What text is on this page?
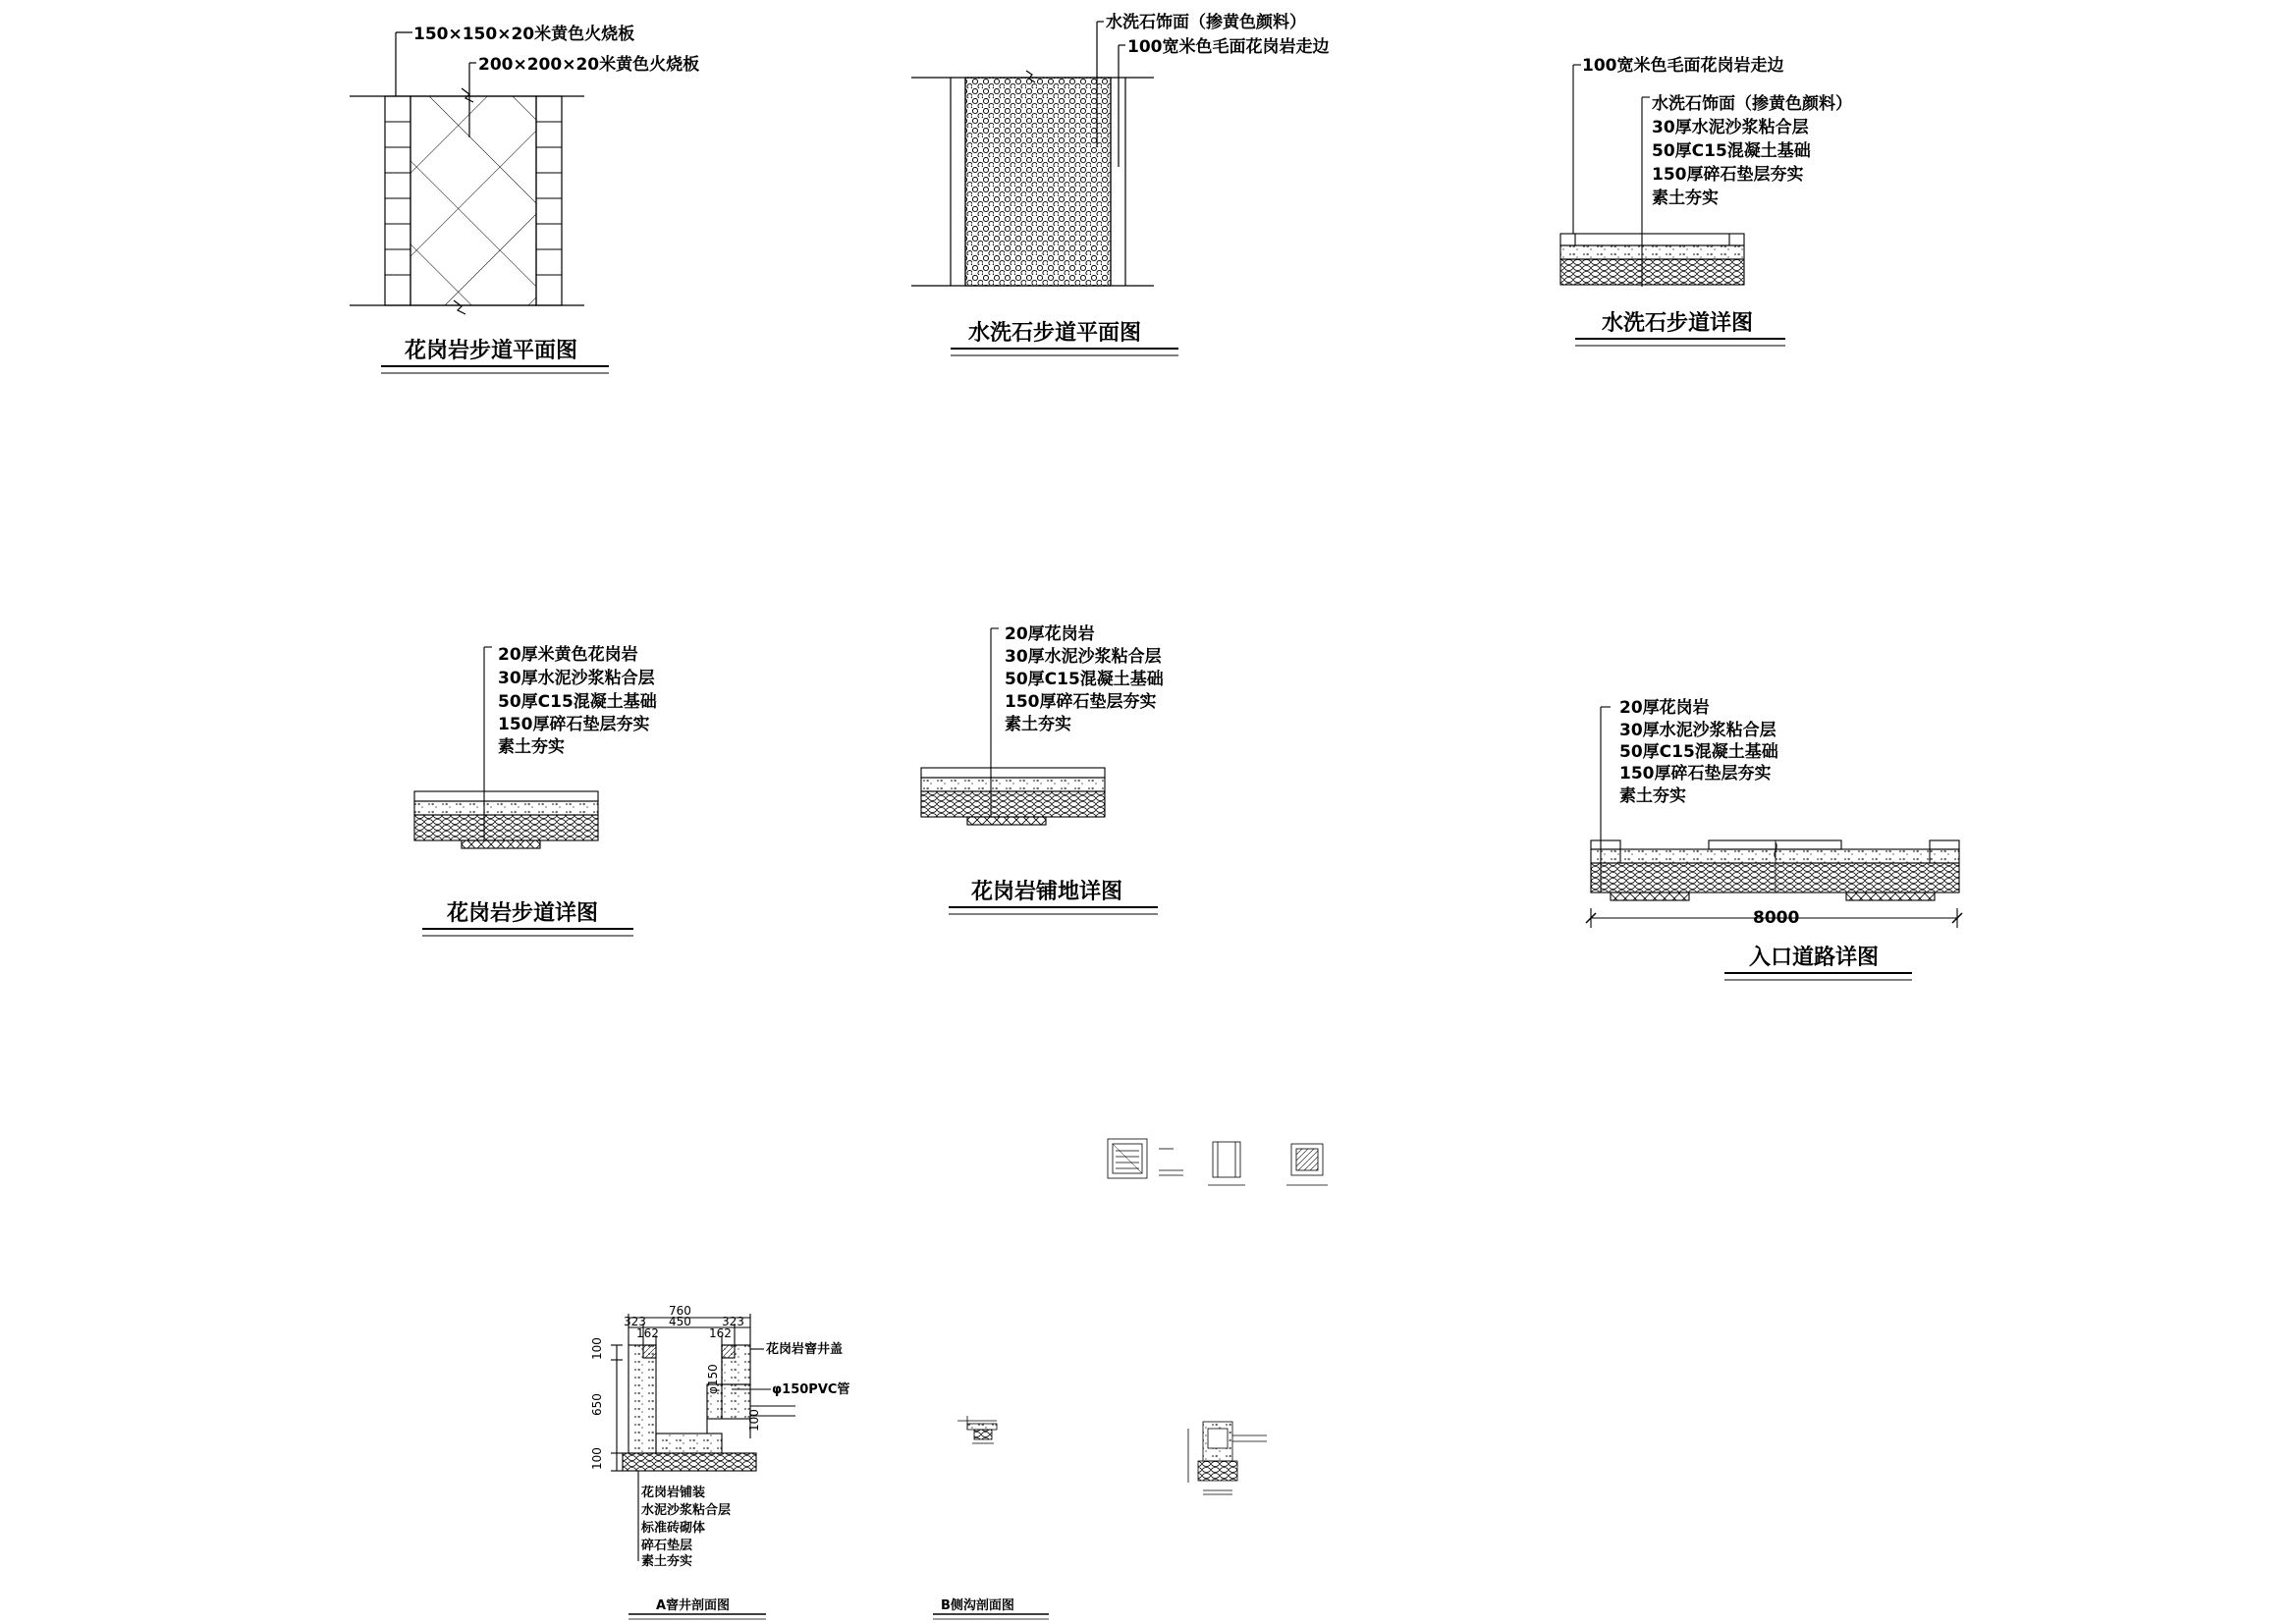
150×150×20米黄色火烧板
200×200×20米黄色火烧板
花岗岩步道平面图
水洗石饰面（掺黄色颜料）
100宽米色毛面花岗岩走边
水洗石步道平面图
100宽米色毛面花岗岩走边
水洗石饰面（掺黄色颜料）
30厚水泥沙浆粘合层
50厚C15混凝土基础
150厚碎石垫层夯实
素土夯实
水洗石步道详图
20厚米黄色花岗岩
30厚水泥沙浆粘合层
50厚C15混凝土基础
150厚碎石垫层夯实
素土夯实
花岗岩步道详图
20厚花岗岩
30厚水泥沙浆粘合层
50厚C15混凝土基础
150厚碎石垫层夯实
素土夯实
花岗岩铺地详图
20厚花岗岩
30厚水泥沙浆粘合层
50厚C15混凝土基础
150厚碎石垫层夯实
素土夯实
8000
入口道路详图
760
323 450	323
162	162
100
650
100
φ150
100
花岗岩窨井盖
φ150PVC管
花岗岩铺装
水泥沙浆粘合层
标准砖砌体
碎石垫层
素土夯实
A窨井剖面图	B侧沟剖面图
